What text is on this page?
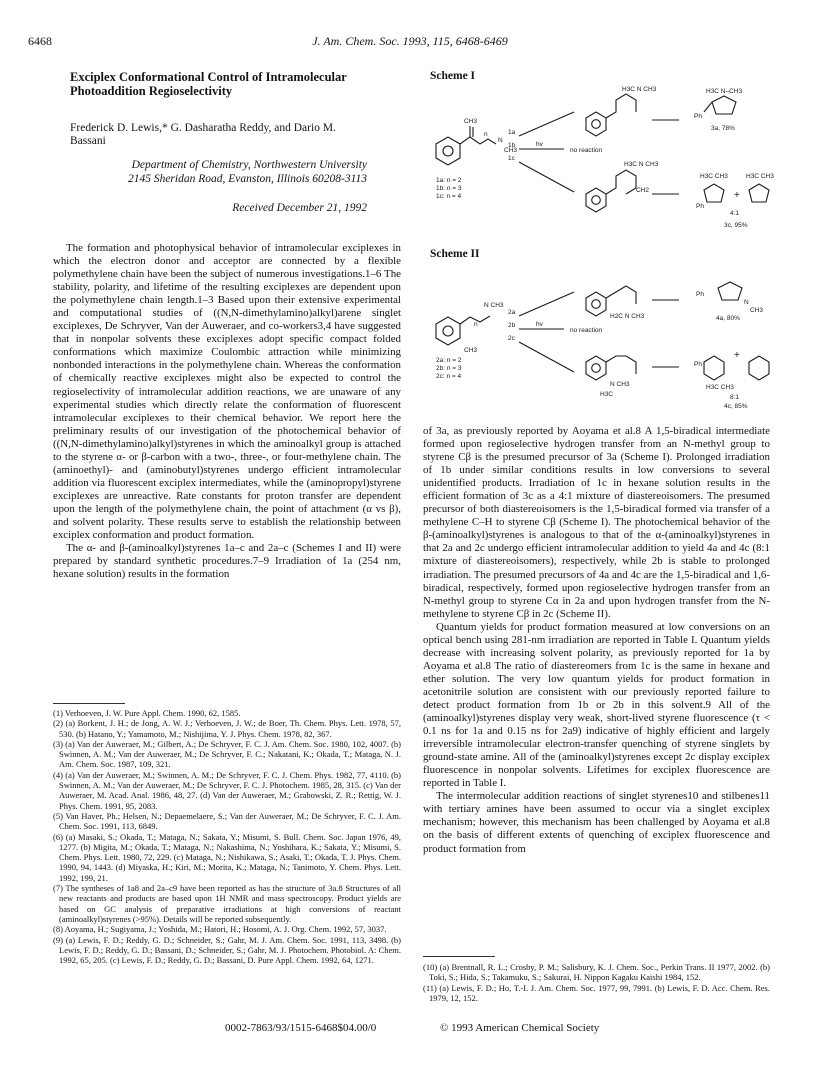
6468	J. Am. Chem. Soc. 1993, 115, 6468-6469
Exciplex Conformational Control of Intramolecular Photoaddition Regioselectivity
Frederick D. Lewis,* G. Dasharatha Reddy, and Dario M. Bassani
Department of Chemistry, Northwestern University
2145 Sheridan Road, Evanston, Illinois 60208-3113
Received December 21, 1992

The formation and photophysical behavior of intramolecular exciplexes in which the electron donor and acceptor are connected by a flexible polymethylene chain have been the subject of numerous investigations.1–6 The stability, polarity, and lifetime of the resulting exciplexes are dependent upon the polymethylene chain length.1–3 Based upon their extensive experimental and computational studies of ((N,N-dimethylamino)alkyl)arene singlet exciplexes, De Schryver, Van der Auweraer, and co-workers3,4 have suggested that in nonpolar solvents these exciplexes adopt specific compact folded conformations which maximize Coulombic attraction while minimizing nonbonded interactions in the polymethylene chain. Whereas the conformation of chemically reactive exciplexes might also be expected to control the regioselectivity of intramolecular addition reactions, we are unaware of any experimental studies which directly relate the conformation of fluorescent intramolecular exciplexes to their chemical behavior. We report here the preliminary results of our investigation of the photochemical behavior of ((N,N-dimethylamino)alkyl)styrenes in which the aminoalkyl group is attached to the styrene α- or β-carbon with a two-, three-, or four-methylene chain. The (aminoethyl)- and (aminobutyl)styrenes undergo efficient intramolecular addition via fluorescent exciplex intermediates, while the (aminopropyl)styrene exciplexes are unreactive. Rate constants for proton transfer are dependent upon the length of the polymethylene chain, the point of attachment (α vs β), and solvent polarity. These results serve to establish the relationship between exciplex conformation and product formation.

The α- and β-(aminoalkyl)styrenes 1a–c and 2a–c (Schemes I and II) were prepared by standard synthetic procedures.7–9 Irradiation of 1a (254 nm, hexane solution) results in the formation

(1) Verhoeven, J. W. Pure Appl. Chem. 1990, 62, 1585.

(2) (a) Borkent, J. H.; de Jong, A. W. J.; Verhoeven, J. W.; de Boer, Th. Chem. Phys. Lett. 1978, 57, 530. (b) Hatano, Y.; Yamamoto, M.; Nishijima, Y. J. Phys. Chem. 1978, 82, 367.

(3) (a) Van der Auweraer, M.; Gilbert, A.; De Schryver, F. C. J. Am. Chem. Soc. 1980, 102, 4007. (b) Swinnen, A. M.; Van der Auweraer, M.; De Schryver, F. C.; Nakatani, K.; Okada, T.; Mataga, N. J. Am. Chem. Soc. 1987, 109, 321.

(4) (a) Van der Auweraer, M.; Swinnen, A. M.; De Schryver, F. C. J. Chem. Phys. 1982, 77, 4110. (b) Swinnen, A. M.; Van der Auweraer, M.; De Schryver, F. C. J. Photochem. 1985, 28, 315. (c) Van der Auweraer, M. Acad. Anal. 1986, 48, 27. (d) Van der Auweraer, M.; Grabowski, Z. R.; Rettig, W. J. Phys. Chem. 1991, 95, 2083.

(5) Van Haver, Ph.; Helsen, N.; Depaemelaere, S.; Van der Auweraer, M.; De Schryver, F. C. J. Am. Chem. Soc. 1991, 113, 6849.

(6) (a) Masaki, S.; Okada, T.; Mataga, N.; Sakata, Y.; Misumi, S. Bull. Chem. Soc. Japan 1976, 49, 1277. (b) Migita, M.; Okada, T.; Mataga, N.; Nakashima, N.; Yoshihara, K.; Sakata, Y.; Misumi, S. Chem. Phys. Lett. 1980, 72, 229. (c) Mataga, N.; Nishikawa, S.; Asaki, T.; Okada, T. J. Phys. Chem. 1990, 94, 1443. (d) Miyaska, H.; Kiri, M.; Morita, K.; Mataga, N.; Tanimoto, Y. Chem. Phys. Lett. 1992, 199, 21.

(7) The syntheses of 1a8 and 2a–c9 have been reported as has the structure of 3a.8 Structures of all new reactants and products are based upon 1H NMR and mass spectroscopy. Product yields are based on GC analysis of preparative irradiations at high conversions of reactant (aminoalkyl)styrenes (>95%). Details will be reported subsequently.

(8) Aoyama, H.; Sugiyama, J.; Yoshida, M.; Hatori, H.; Hosomi, A. J. Org. Chem. 1992, 57, 3037.

(9) (a) Lewis, F. D.; Reddy, G. D.; Schneider, S.; Gahr, M. J. Am. Chem. Soc. 1991, 113, 3498. (b) Lewis, F. D.; Reddy, G. D.; Bassani, D.; Schneider, S.; Gahr, M. J. Photochem. Photobiol. A: Chem. 1992, 65, 205. (c) Lewis, F. D.; Reddy, G. D.; Bassani, D. Pure Appl. Chem. 1992, 64, 1271.

Scheme I
CH3
N
CH3
n	1a
1b
1c
hv
no reaction
1a: n = 2
1b: n = 3
1c: n = 4
H3C N CH3	H3C N–CH3
Ph
3a, 78%
H3C N CH3
CH2
H3C CH3	H3C CH3
Ph
+
4:1
3c, 95%
Scheme II
N CH3
CH3
n
2a
2b
2c
hv
no reaction
2a: n = 2
2b: n = 3
2c: n = 4
H2C N CH3
Ph
N
CH3
4a, 80%
N CH3
H3C
Ph
H3C CH3
+
8:1
4c, 85%

of 3a, as previously reported by Aoyama et al.8 A 1,5-biradical intermediate formed upon regioselective hydrogen transfer from an N-methyl group to styrene Cβ is the presumed precursor of 3a (Scheme I). Prolonged irradiation of 1b under similar conditions results in low conversions to several unidentified products. Irradiation of 1c in hexane solution results in the efficient formation of 3c as a 4:1 mixture of diastereoisomers. The presumed precursor of both diastereoisomers is the 1,5-biradical formed via transfer of a methylene C–H to styrene Cβ (Scheme I). The photochemical behavior of the β-(aminoalkyl)styrenes is analogous to that of the α-(aminoalkyl)styrenes in that 2a and 2c undergo efficient intramolecular addition to yield 4a and 4c (8:1 mixture of diastereoisomers), respectively, while 2b is stable to prolonged irradiation. The presumed precursors of 4a and 4c are the 1,5-biradical and 1,6-biradical, respectively, formed upon regioselective hydrogen transfer from an N-methyl group to styrene Cα in 2a and upon hydrogen transfer from the N-methylene to styrene Cβ in 2c (Scheme II).

Quantum yields for product formation measured at low conversions on an optical bench using 281-nm irradiation are reported in Table I. Quantum yields decrease with increasing solvent polarity, as previously reported for 1a by Aoyama et al.8 The ratio of diastereomers from 1c is the same in hexane and ether solution. The very low quantum yields for product formation in acetonitrile solution are consistent with our previously reported failure to detect product formation from 1b or 2b in this solvent.9 All of the (aminoalkyl)styrenes display very weak, short-lived styrene fluorescence (τ < 0.1 ns for 1a and 0.15 ns for 2a9) indicative of highly efficient and largely irreversible intramolecular electron-transfer quenching of styrene singlets by ground-state amine. All of the (aminoalkyl)styrenes except 2c display exciplex fluorescence in nonpolar solvents. Lifetimes for exciplex fluorescence are reported in Table I.

The intermolecular addition reactions of singlet styrenes10 and stilbenes11 with tertiary amines have been assumed to occur via a singlet exciplex mechanism; however, this mechanism has been challenged by Aoyama et al.8 on the basis of different extents of quenching of exciplex fluorescence and product formation from

(10) (a) Brentnall, R. L.; Crosby, P. M.; Salisbury, K. J. Chem. Soc., Perkin Trans. II 1977, 2002. (b) Toki, S.; Hida, S.; Takamuku, S.; Sakurai, H. Nippon Kagaku Kaishi 1984, 152.

(11) (a) Lewis, F. D.; Ho, T.-I. J. Am. Chem. Soc. 1977, 99, 7991. (b) Lewis, F. D. Acc. Chem. Res. 1979, 12, 152.

0002-7863/93/1515-6468$04.00/0	© 1993 American Chemical Society
